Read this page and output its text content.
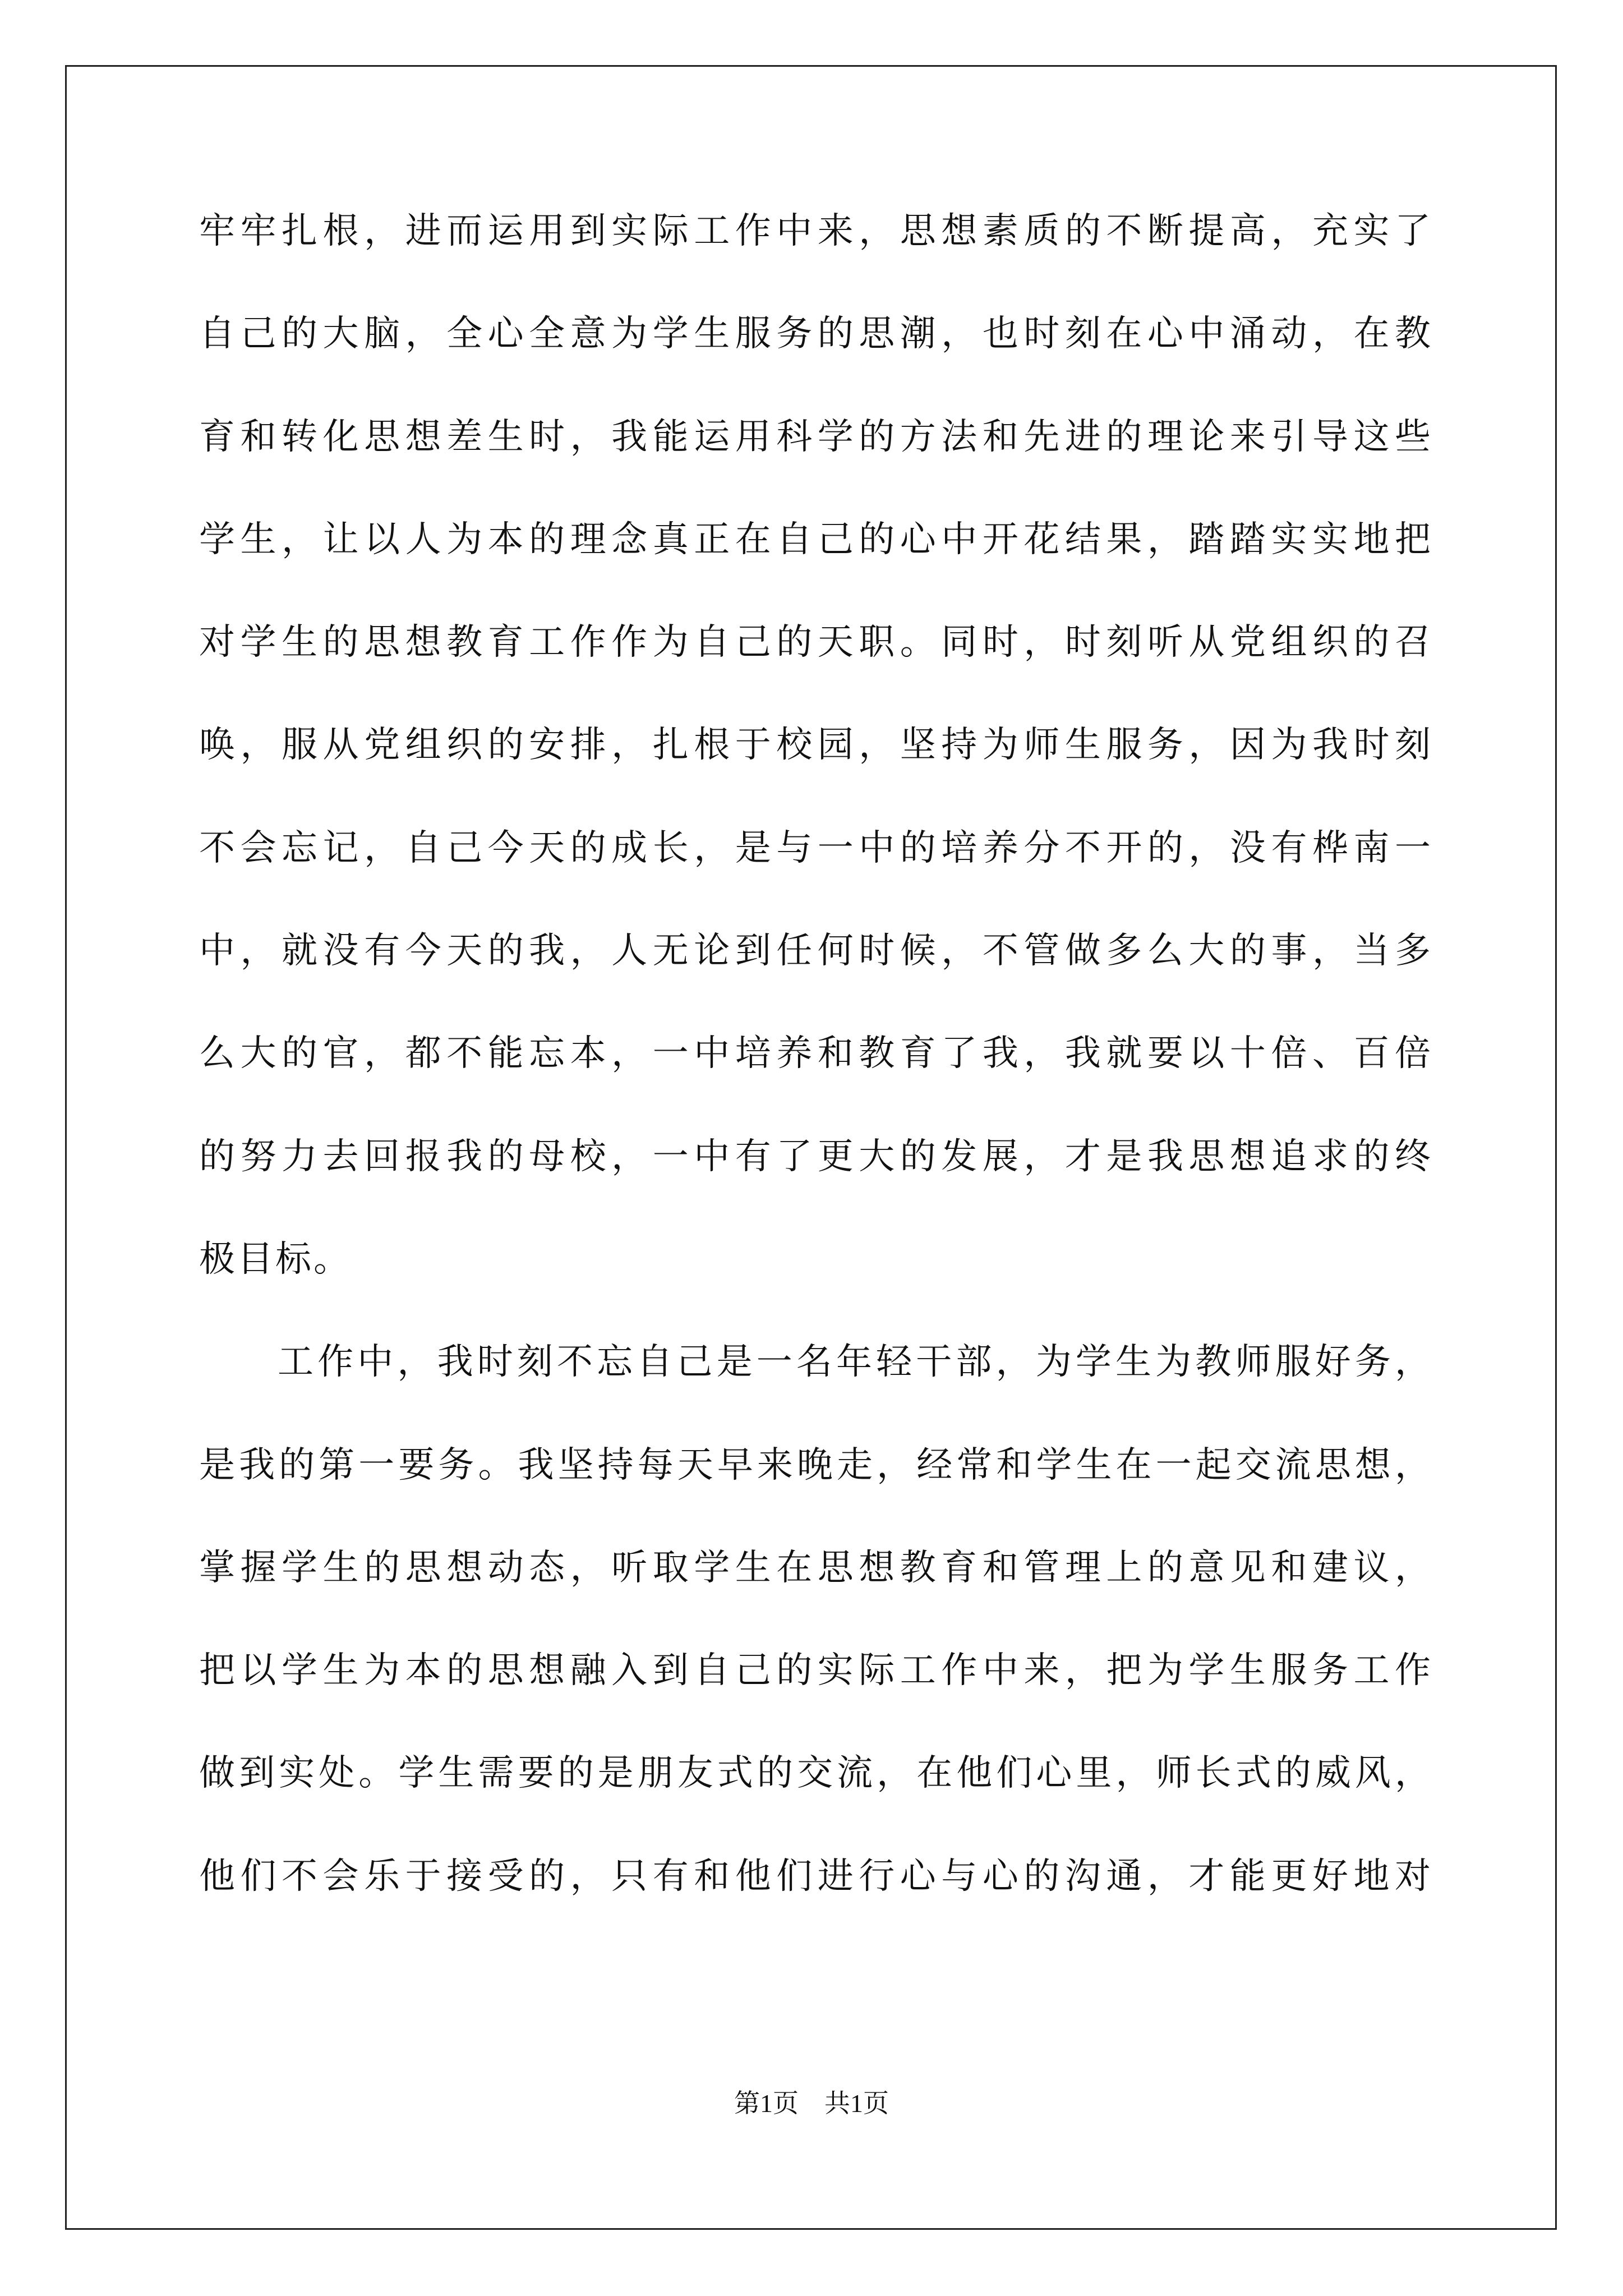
牢牢扎根，进而运用到实际工作中来，思想素质的不断提高，充实了
自己的大脑，全心全意为学生服务的思潮，也时刻在心中涌动，在教
育和转化思想差生时，我能运用科学的方法和先进的理论来引导这些
学生，让以人为本的理念真正在自己的心中开花结果，踏踏实实地把
对学生的思想教育工作作为自己的天职。同时，时刻听从党组织的召
唤，服从党组织的安排，扎根于校园，坚持为师生服务，因为我时刻
不会忘记，自己今天的成长，是与一中的培养分不开的，没有桦南一
中，就没有今天的我，人无论到任何时候，不管做多么大的事，当多
么大的官，都不能忘本，一中培养和教育了我，我就要以十倍、百倍
的努力去回报我的母校，一中有了更大的发展，才是我思想追求的终
极目标。
工作中，我时刻不忘自己是一名年轻干部，为学生为教师服好务，
是我的第一要务。我坚持每天早来晚走，经常和学生在一起交流思想，
掌握学生的思想动态，听取学生在思想教育和管理上的意见和建议，
把以学生为本的思想融入到自己的实际工作中来，把为学生服务工作
做到实处。学生需要的是朋友式的交流，在他们心里，师长式的威风，
他们不会乐于接受的，只有和他们进行心与心的沟通，才能更好地对
第1页 共1页
